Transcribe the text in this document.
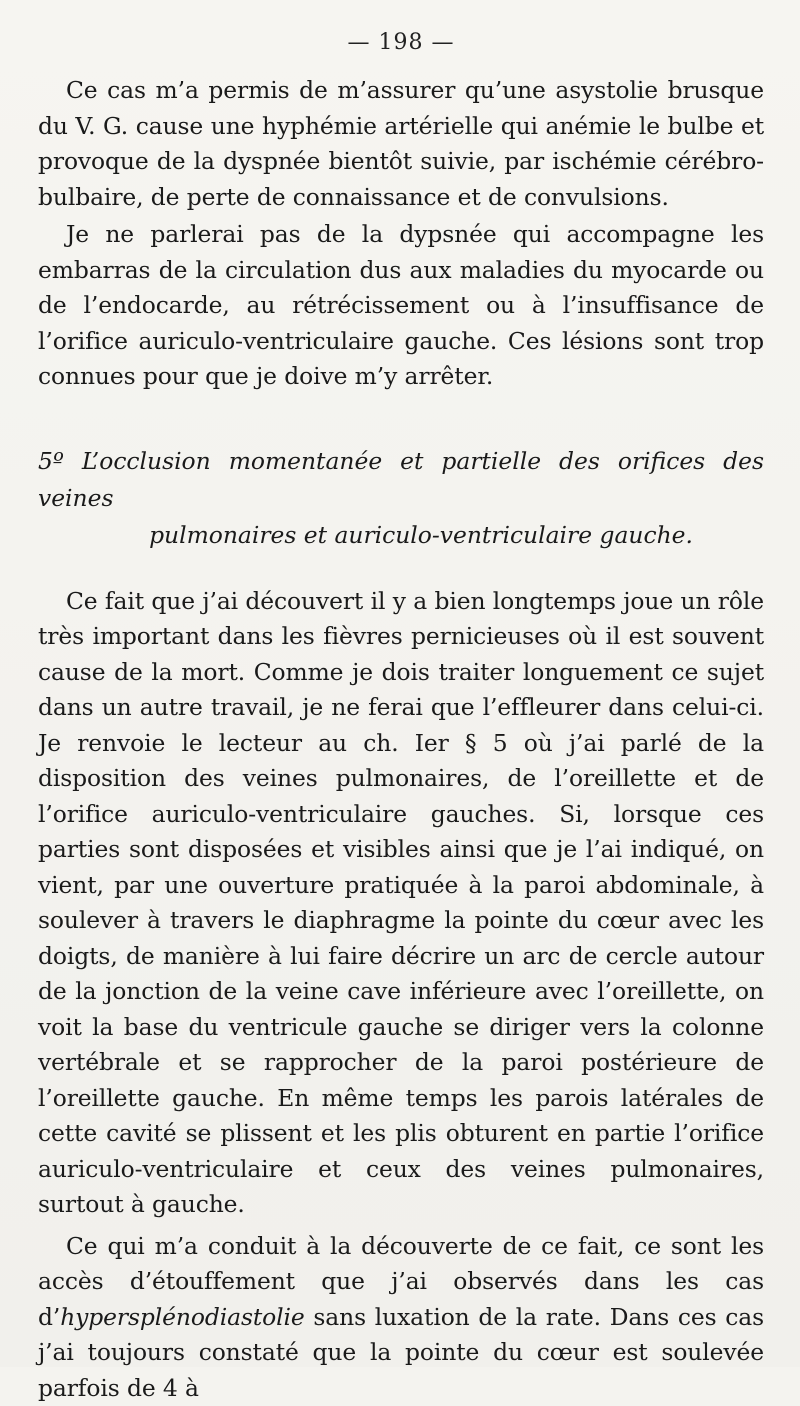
— 198 —

Ce cas m’a permis de m’assurer qu’une asystolie brusque du V. G. cause une hyphémie artérielle qui anémie le bulbe et provoque de la dyspnée bientôt suivie, par ischémie cérébro-bulbaire, de perte de connaissance et de convulsions.

Je ne parlerai pas de la dypsnée qui accompagne les embarras de la circulation dus aux maladies du myocarde ou de l’endocarde, au rétrécissement ou à l’insuffisance de l’orifice auriculo-ventriculaire gauche. Ces lésions sont trop connues pour que je doive m’y arrêter.

5º L’occlusion momentanée et partielle des orifices des veines
pulmonaires et auriculo-ventriculaire gauche.

Ce fait que j’ai découvert il y a bien longtemps joue un rôle très important dans les fièvres pernicieuses où il est souvent cause de la mort. Comme je dois traiter longuement ce sujet dans un autre travail, je ne ferai que l’effleurer dans celui-ci. Je renvoie le lecteur au ch. Ier § 5 où j’ai parlé de la disposition des veines pulmonaires, de l’oreillette et de l’orifice auriculo-ventriculaire gauches. Si, lorsque ces parties sont disposées et visibles ainsi que je l’ai indiqué, on vient, par une ouverture pratiquée à la paroi abdominale, à soulever à travers le diaphragme la pointe du cœur avec les doigts, de manière à lui faire décrire un arc de cercle autour de la jonction de la veine cave inférieure avec l’oreillette, on voit la base du ventricule gauche se diriger vers la colonne vertébrale et se rapprocher de la paroi postérieure de l’oreillette gauche. En même temps les parois latérales de cette cavité se plissent et les plis obturent en partie l’orifice auriculo-ventriculaire et ceux des veines pulmonaires, surtout à gauche.

Ce qui m’a conduit à la découverte de ce fait, ce sont les accès d’étouffement que j’ai observés dans les cas d’hypersplénodiastolie sans luxation de la rate. Dans ces cas j’ai toujours constaté que la pointe du cœur est soulevée parfois de 4 à
